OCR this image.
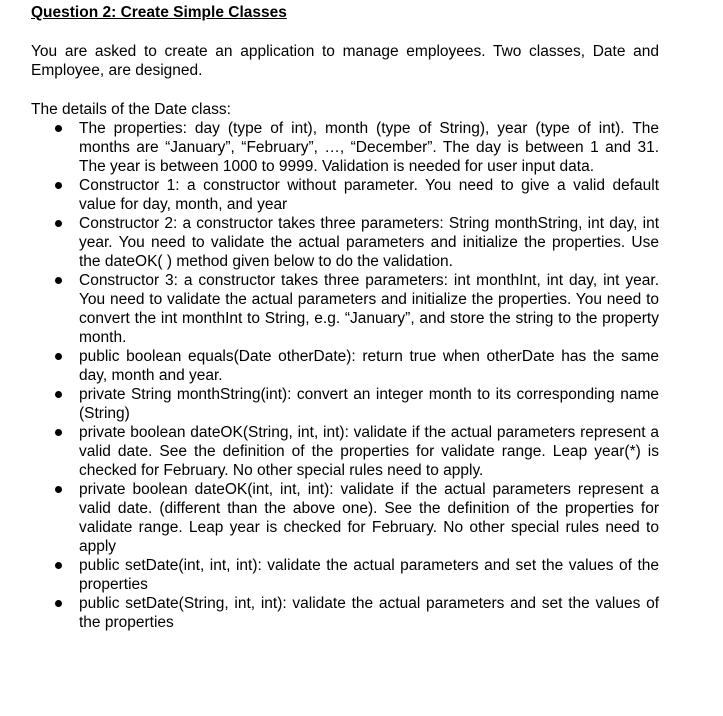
Question 2: Create Simple Classes

You are asked to create an application to manage employees. Two classes, Date and Employee, are designed.

The details of the Date class:

The properties: day (type of int), month (type of String), year (type of int). The months are “January”, “February”, …, “December”. The day is between 1 and 31. The year is between 1000 to 9999. Validation is needed for user input data.
Constructor 1: a constructor without parameter. You need to give a valid default value for day, month, and year
Constructor 2: a constructor takes three parameters: String monthString, int day, int year. You need to validate the actual parameters and initialize the properties. Use the dateOK( ) method given below to do the validation.
Constructor 3: a constructor takes three parameters: int monthInt, int day, int year. You need to validate the actual parameters and initialize the properties. You need to convert the int monthInt to String, e.g. “January”, and store the string to the property month.
public boolean equals(Date otherDate): return true when otherDate has the same day, month and year.
private String monthString(int): convert an integer month to its corresponding name (String)
private boolean dateOK(String, int, int): validate if the actual parameters represent a valid date. See the definition of the properties for validate range. Leap year(*) is checked for February. No other special rules need to apply.
private boolean dateOK(int, int, int): validate if the actual parameters represent a valid date. (different than the above one). See the definition of the properties for validate range. Leap year is checked for February. No other special rules need to apply
public setDate(int, int, int): validate the actual parameters and set the values of the properties
public setDate(String, int, int): validate the actual parameters and set the values of the properties
